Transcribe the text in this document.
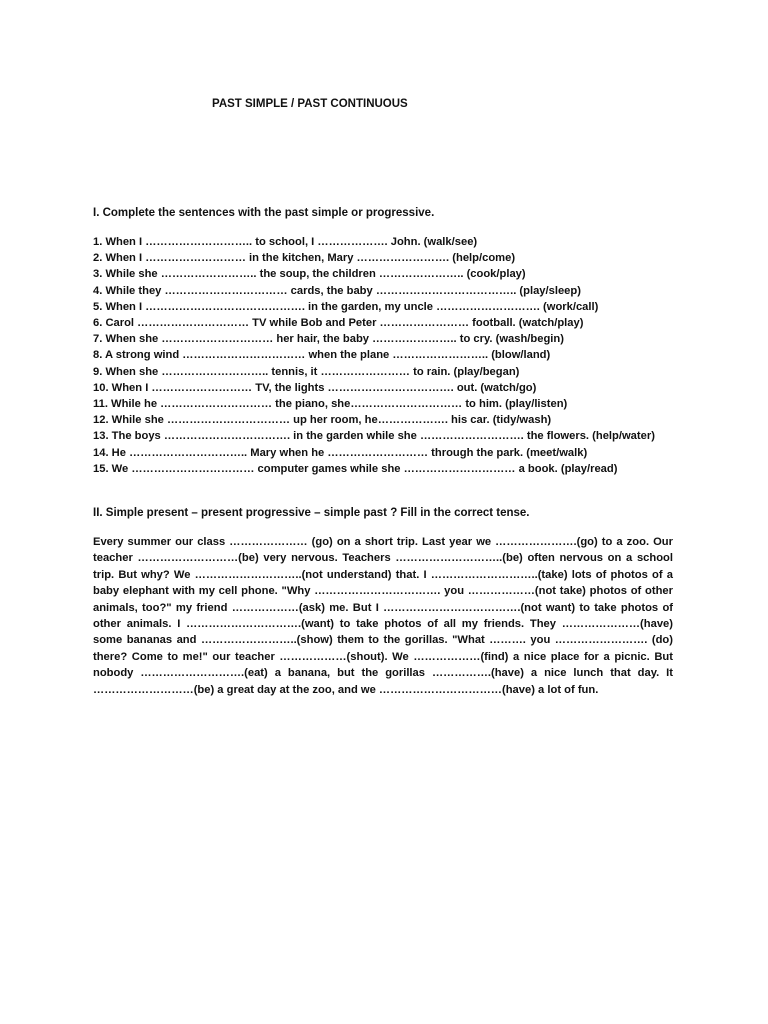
PAST SIMPLE / PAST CONTINUOUS
I. Complete the sentences with the past simple or progressive.
1. When I ……………………….. to school, I ………………. John. (walk/see)
2. When I ……………………… in the kitchen, Mary ……………………. (help/come)
3. While she …………………….. the soup, the children ………………….. (cook/play)
4. While they …………………………… cards, the baby ……………………………….. (play/sleep)
5. When I ……………………………………. in the garden, my uncle ………………………. (work/call)
6. Carol ………………………… TV while Bob and Peter …………………… football. (watch/play)
7. When she ………………………… her hair, the baby ………………….. to cry. (wash/begin)
8. A strong wind …………………………… when the plane …………………….. (blow/land)
9. When she ……………………….. tennis, it …………………… to rain. (play/began)
10. When I ……………………… TV, the lights ……………………………. out. (watch/go)
11. While he ………………………… the piano, she………………………… to him. (play/listen)
12. While she …………………………… up her room, he………………. his car. (tidy/wash)
13. The boys ……………………………. in the garden while she ………………………. the flowers. (help/water)
14. He ………………………….. Mary when he ……………………… through the park. (meet/walk)
15. We …………………………… computer games while she ………………………… a book. (play/read)
II. Simple present – present progressive – simple past ? Fill in the correct tense.

Every summer our class ………………… (go) on a short trip. Last year we ………………….(go) to a zoo. Our teacher ………………………(be) very nervous. Teachers ………………………..(be) often nervous on a school trip. But why? We ………………………..(not understand) that. I ………………………..(take) lots of photos of a baby elephant with my cell phone. "Why ……………………………. you ………………(not take) photos of other animals, too?" my friend ………………(ask) me. But I ……………………………….(not want) to take photos of other animals. I ………………………….(want) to take photos of all my friends. They …………………(have) some bananas and ……………………..(show) them to the gorillas. "What ………. you ……………………. (do) there? Come to me!" our teacher ………………(shout). We ………………(find) a nice place for a picnic. But nobody ……………………….(eat) a banana, but the gorillas …………….(have) a nice lunch that day. It ………………………(be) a great day at the zoo, and we ……………………………(have) a lot of fun.
